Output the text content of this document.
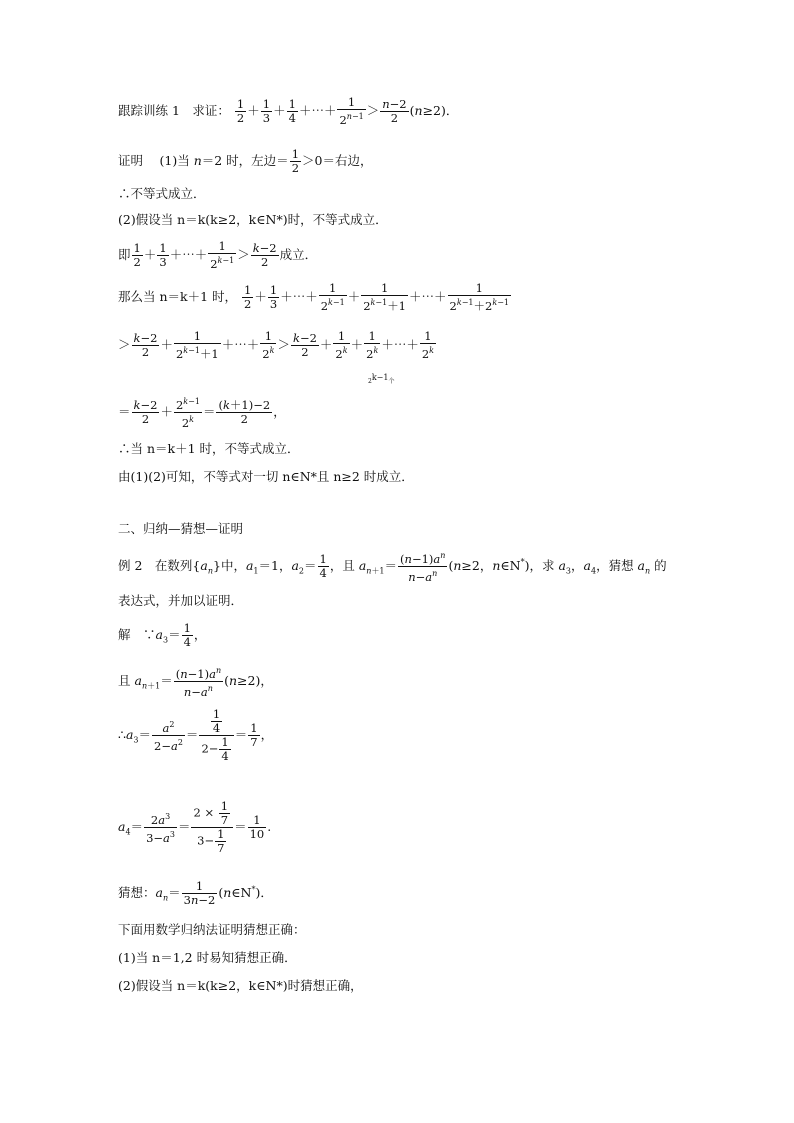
跟踪训练 1　求证： $\frac{1}{2} + \frac{1}{3} + \frac{1}{4}$ ＋⋯＋ $\frac{1}{2^{n-1}} > \frac{n-2}{2} (n\ge 2)$．
证明 　(1)当 n＝2 时，左边＝ $\frac{1}{2} >0=$右边，
∴不等式成立．
(2)假设当 n＝k(k≥2，k∈N*)时，不等式成立．
即 $\frac{1}{2} + \frac{1}{3}$ ＋⋯＋ $\frac{1}{2^{k-1}} > \frac{k-2}{2}$ 成立．
那么当 n＝k＋1 时， $\frac{1}{2} + \frac{1}{3}$ ＋⋯＋ $\frac{1}{2^{k-1}} + \frac{1}{2^{k-1}+1}$ ＋⋯＋ $\frac{1}{2^{k-1}+2^{k-1}}$
＞ $\frac{k-2}{2} + \frac{1}{2^{k-1}+1}$ ＋⋯＋ $\frac{1}{2^k} > \frac{k-2}{2} + \frac{1}{2^k} + \frac{1}{2^k}$ ＋⋯＋ $\frac{1}{2^k}$
$2^{k-1}$个
＝ $\frac{k-2}{2} + \frac{2^{k-1}}{2^k} = \frac{(k+1)-2}{2}$ ，
∴当 n＝k＋1 时，不等式成立．
由(1)(2)可知，不等式对一切 n∈N*且 n≥2 时成立．
二、归纳—猜想—证明
例 2　在数列$\{a_n\}$中，$a_1=1$，$a_2= \frac{1}{4}$ ，且 $a_{n+1}= \frac{(n-1)a^n}{n-a^n} (n\ge 2$，n∈N*)，求 $a_3$，$a_4$，猜想 $a_n$ 的
表达式，并加以证明．
解　$\because a_3= \frac{1}{4}$ ，
且 $a_{n+1}= \frac{(n-1)a^n}{n-a^n} (n\ge 2)$，
$\therefore a_3= \frac{a^2}{2-a^2} = \frac{\frac{1}{4}}{2- \frac{1}{4}} = \frac{1}{7}$ ，
$a_4= \frac{2a^3}{3-a^3} = \frac{2 \times \frac{1}{7}}{3- \frac{1}{7}} = \frac{1}{10}$ .
猜想：$a_n= \frac{1}{3n-2}$ (n∈N*)．
下面用数学归纳法证明猜想正确：
(1)当 n＝1,2 时易知猜想正确．
(2)假设当 n＝k(k≥2，k∈N*)时猜想正确，
